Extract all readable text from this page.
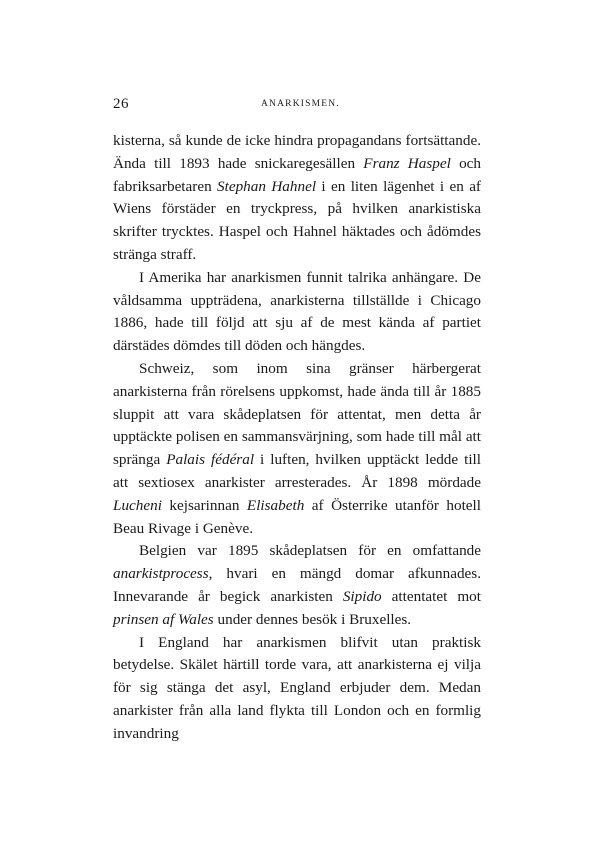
26	ANARKISMEN.

kisterna, så kunde de icke hindra propagandans fortsättande. Ända till 1893 hade snickaregesällen Franz Haspel och fabriksarbetaren Stephan Hahnel i en liten lägenhet i en af Wiens förstäder en tryckpress, på hvilken anarkistiska skrifter trycktes. Haspel och Hahnel häktades och ådömdes stränga straff.

I Amerika har anarkismen funnit talrika anhängare. De våldsamma uppträdena, anarkisterna tillställde i Chicago 1886, hade till följd att sju af de mest kända af partiet därstädes dömdes till döden och hängdes.

Schweiz, som inom sina gränser härbergerat anarkisterna från rörelsens uppkomst, hade ända till år 1885 sluppit att vara skådeplatsen för attentat, men detta år upptäckte polisen en sammansvärjning, som hade till mål att spränga Palais fédéral i luften, hvilken upptäckt ledde till att sextiosex anarkister arresterades. År 1898 mördade Lucheni kejsarinnan Elisabeth af Österrike utanför hotell Beau Rivage i Genève.

Belgien var 1895 skådeplatsen för en omfattande anarkistprocess, hvari en mängd domar afkunnades. Innevarande år begick anarkisten Sipido attentatet mot prinsen af Wales under dennes besök i Bruxelles.

I England har anarkismen blifvit utan praktisk betydelse. Skälet härtill torde vara, att anarkisterna ej vilja för sig stänga det asyl, England erbjuder dem. Medan anarkister från alla land flykta till London och en formlig invandring
